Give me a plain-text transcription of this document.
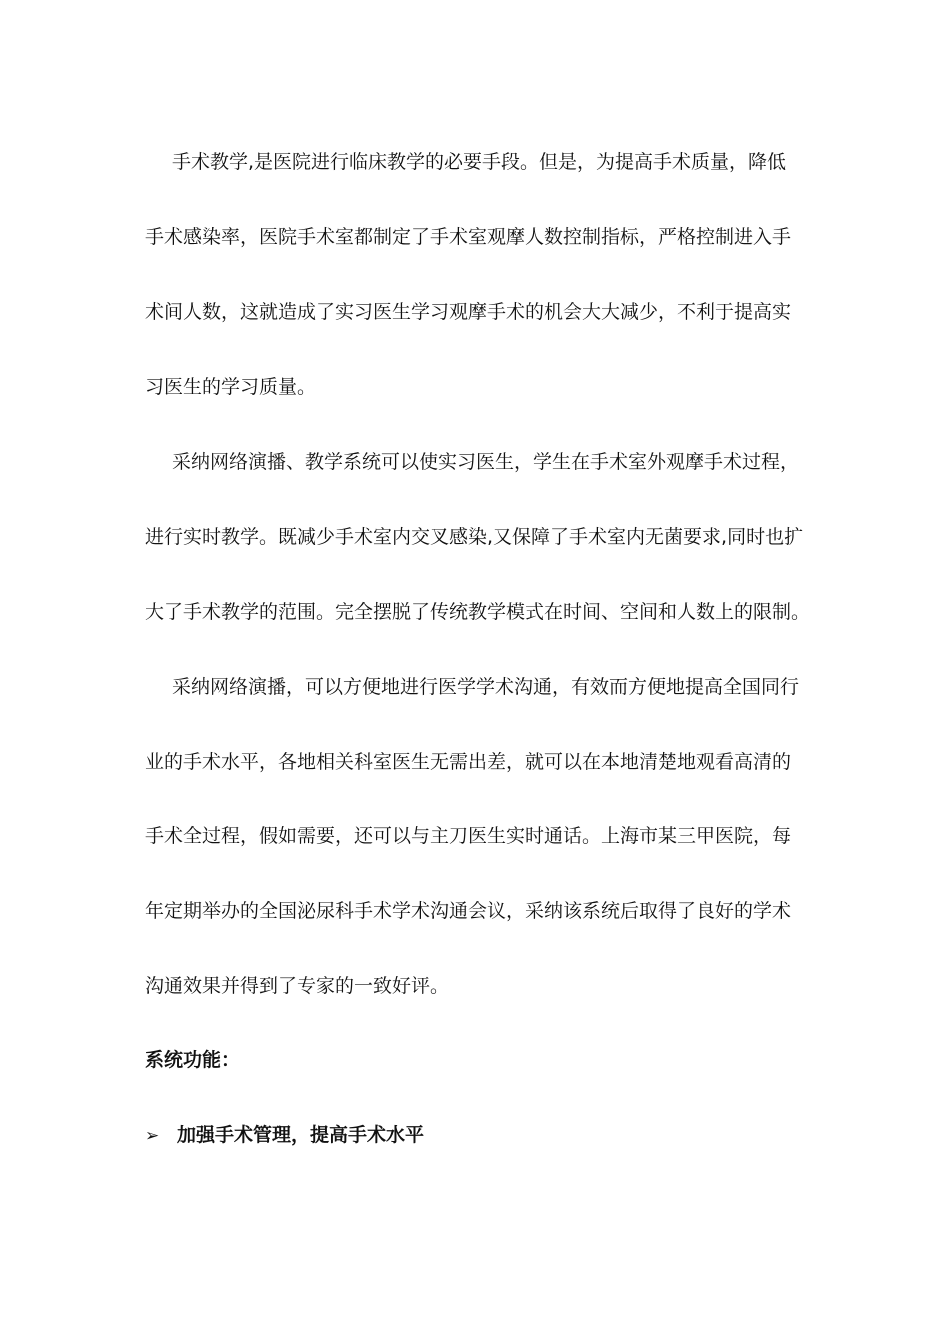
手术教学,是医院进行临床教学的必要手段。但是，为提高手术质量，降低
手术感染率，医院手术室都制定了手术室观摩人数控制指标，严格控制进入手
术间人数，这就造成了实习医生学习观摩手术的机会大大减少，不利于提高实
习医生的学习质量。
采纳网络演播、教学系统可以使实习医生，学生在手术室外观摩手术过程，
进行实时教学。既减少手术室内交叉感染,又保障了手术室内无菌要求,同时也扩
大了手术教学的范围。完全摆脱了传统教学模式在时间、空间和人数上的限制。
采纳网络演播，可以方便地进行医学学术沟通，有效而方便地提高全国同行
业的手术水平，各地相关科室医生无需出差，就可以在本地清楚地观看高清的
手术全过程，假如需要，还可以与主刀医生实时通话。上海市某三甲医院，每
年定期举办的全国泌尿科手术学术沟通会议，采纳该系统后取得了良好的学术
沟通效果并得到了专家的一致好评。
系统功能：
➢ 加强手术管理，提高手术水平
